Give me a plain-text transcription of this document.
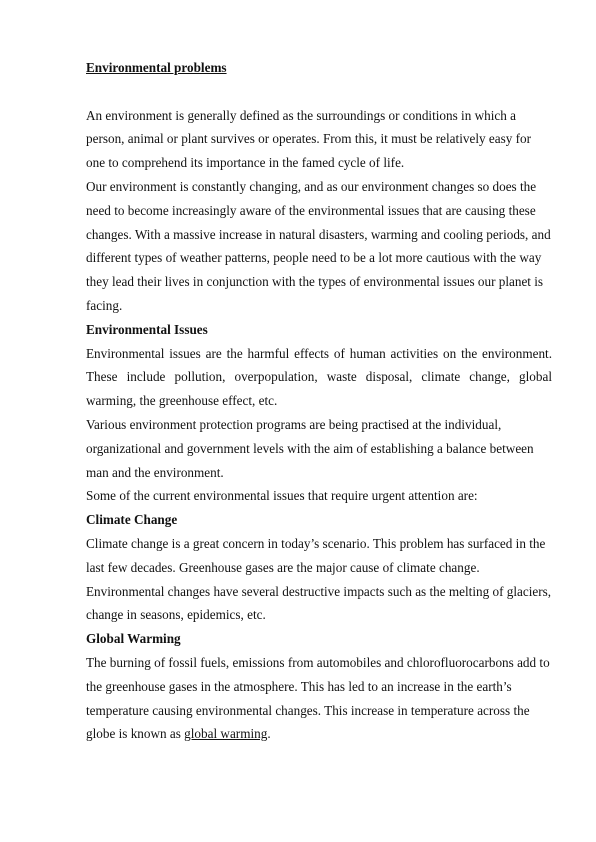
Environmental problems

An environment is generally defined as the surroundings or conditions in which a person, animal or plant survives or operates. From this, it must be relatively easy for one to comprehend its importance in the famed cycle of life.

Our environment is constantly changing, and as our environment changes so does the need to become increasingly aware of the environmental issues that are causing these changes. With a massive increase in natural disasters, warming and cooling periods, and different types of weather patterns, people need to be a lot more cautious with the way they lead their lives in conjunction with the types of environmental issues our planet is facing.

Environmental Issues

Environmental issues are the harmful effects of human activities on the environment. These include pollution, overpopulation, waste disposal, climate change, global warming, the greenhouse effect, etc.

Various environment protection programs are being practised at the individual, organizational and government levels with the aim of establishing a balance between man and the environment.

Some of the current environmental issues that require urgent attention are:

Climate Change

Climate change is a great concern in today’s scenario. This problem has surfaced in the last few decades. Greenhouse gases are the major cause of climate change. Environmental changes have several destructive impacts such as the melting of glaciers, change in seasons, epidemics, etc.

Global Warming

The burning of fossil fuels, emissions from automobiles and chlorofluorocarbons add to the greenhouse gases in the atmosphere. This has led to an increase in the earth’s temperature causing environmental changes. This increase in temperature across the globe is known as global warming.
